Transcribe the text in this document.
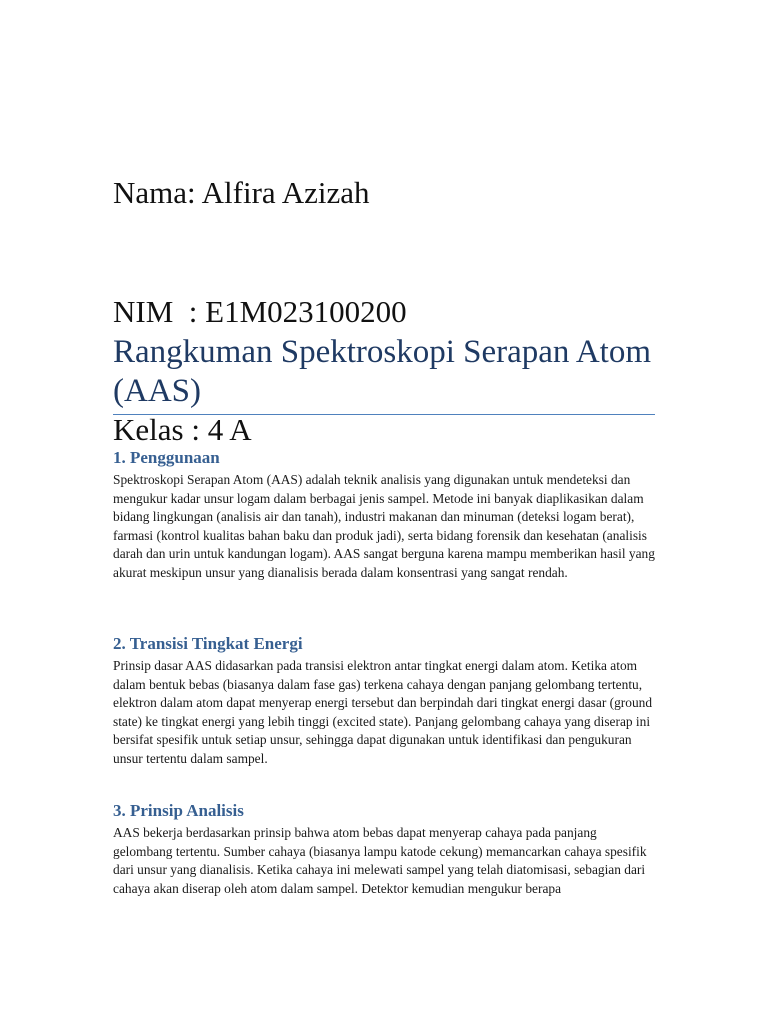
Nama: Alfira Azizah

NIM  : E1M023100200

Kelas : 4 A

Rangkuman Spektroskopi Serapan Atom (AAS)
1. Penggunaan

Spektroskopi Serapan Atom (AAS) adalah teknik analisis yang digunakan untuk mendeteksi dan mengukur kadar unsur logam dalam berbagai jenis sampel. Metode ini banyak diaplikasikan dalam bidang lingkungan (analisis air dan tanah), industri makanan dan minuman (deteksi logam berat), farmasi (kontrol kualitas bahan baku dan produk jadi), serta bidang forensik dan kesehatan (analisis darah dan urin untuk kandungan logam). AAS sangat berguna karena mampu memberikan hasil yang akurat meskipun unsur yang dianalisis berada dalam konsentrasi yang sangat rendah.

2. Transisi Tingkat Energi

Prinsip dasar AAS didasarkan pada transisi elektron antar tingkat energi dalam atom. Ketika atom dalam bentuk bebas (biasanya dalam fase gas) terkena cahaya dengan panjang gelombang tertentu, elektron dalam atom dapat menyerap energi tersebut dan berpindah dari tingkat energi dasar (ground state) ke tingkat energi yang lebih tinggi (excited state). Panjang gelombang cahaya yang diserap ini bersifat spesifik untuk setiap unsur, sehingga dapat digunakan untuk identifikasi dan pengukuran unsur tertentu dalam sampel.

3. Prinsip Analisis

AAS bekerja berdasarkan prinsip bahwa atom bebas dapat menyerap cahaya pada panjang gelombang tertentu. Sumber cahaya (biasanya lampu katode cekung) memancarkan cahaya spesifik dari unsur yang dianalisis. Ketika cahaya ini melewati sampel yang telah diatomisasi, sebagian dari cahaya akan diserap oleh atom dalam sampel. Detektor kemudian mengukur berapa
